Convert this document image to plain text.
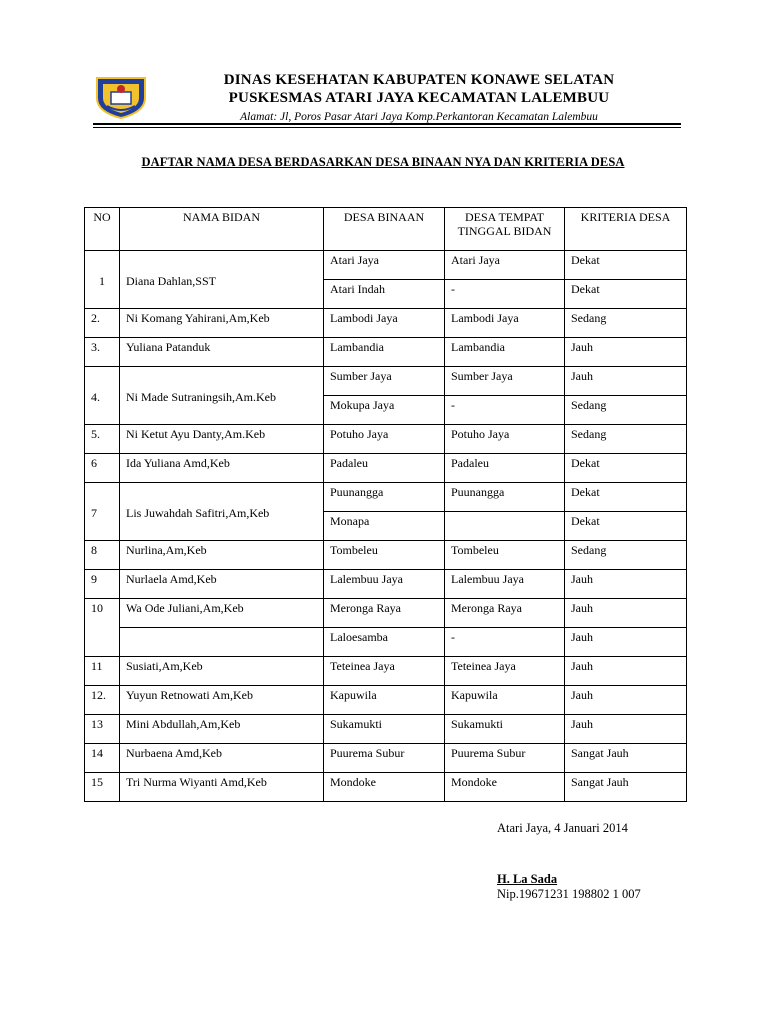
DINAS KESEHATAN KABUPATEN KONAWE SELATAN
PUSKESMAS ATARI JAYA KECAMATAN LALEMBUU
Alamat: Jl, Poros Pasar Atari Jaya Komp.Perkantoran Kecamatan Lalembuu
DAFTAR NAMA DESA BERDASARKAN DESA BINAAN NYA DAN KRITERIA DESA
NO	NAMA BIDAN	DESA BINAAN	DESA TEMPAT TINGGAL BIDAN	KRITERIA DESA
1	Diana Dahlan,SST	Atari Jaya	Atari Jaya	Dekat
		Atari Indah	-	Dekat
2.	Ni Komang Yahirani,Am,Keb	Lambodi Jaya	Lambodi Jaya	Sedang
3.	Yuliana Patanduk	Lambandia	Lambandia	Jauh
4.	Ni Made Sutraningsih,Am.Keb	Sumber Jaya	Sumber Jaya	Jauh
		Mokupa Jaya	-	Sedang
5.	Ni Ketut Ayu Danty,Am.Keb	Potuho Jaya	Potuho Jaya	Sedang
6	Ida Yuliana Amd,Keb	Padaleu	Padaleu	Dekat
7	Lis Juwahdah Safitri,Am,Keb	Puunangga	Puunangga	Dekat
		Monapa		Dekat
8	Nurlina,Am,Keb	Tombeleu	Tombeleu	Sedang
9	Nurlaela Amd,Keb	Lalembuu Jaya	Lalembuu Jaya	Jauh
10	Wa Ode Juliani,Am,Keb	Meronga Raya	Meronga Raya	Jauh
		Laloesamba	-	Jauh
11	Susiati,Am,Keb	Teteinea Jaya	Teteinea Jaya	Jauh
12.	Yuyun Retnowati Am,Keb	Kapuwila	Kapuwila	Jauh
13	Mini Abdullah,Am,Keb	Sukamukti	Sukamukti	Jauh
14	Nurbaena Amd,Keb	Puurema Subur	Puurema Subur	Sangat Jauh
15	Tri Nurma Wiyanti Amd,Keb	Mondoke	Mondoke	Sangat Jauh
Atari Jaya, 4 Januari 2014
H. La Sada
Nip.19671231 198802 1 007
